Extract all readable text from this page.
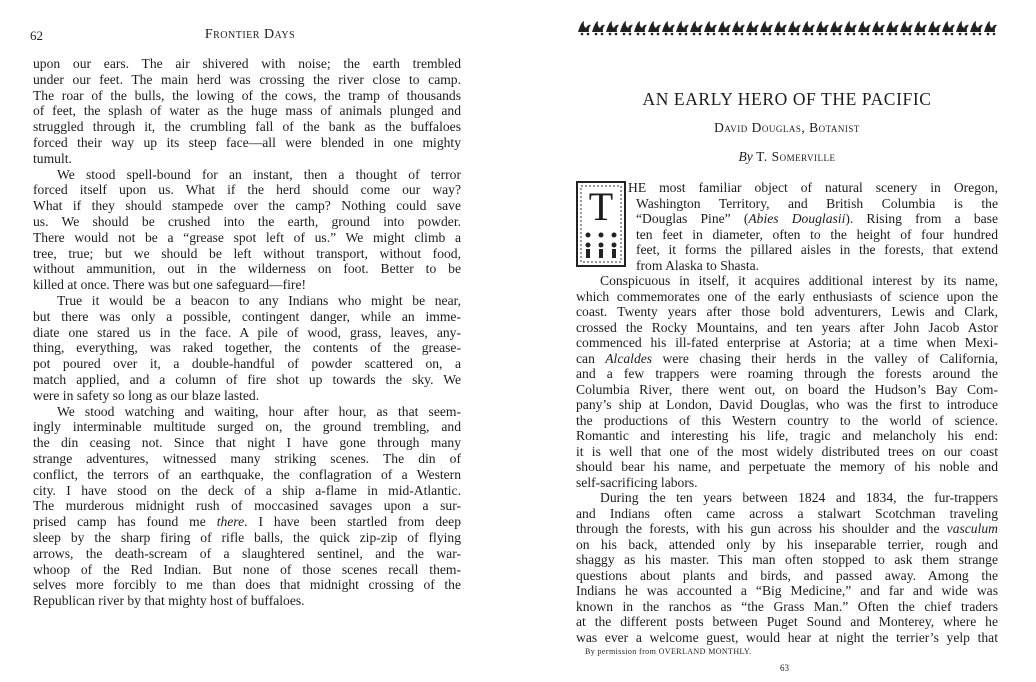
62	Frontier Days
upon our ears. The air shivered with noise; the earth trembled
under our feet. The main herd was crossing the river close to camp.
The roar of the bulls, the lowing of the cows, the tramp of thousands
of feet, the splash of water as the huge mass of animals plunged and
struggled through it, the crumbling fall of the bank as the buffaloes
forced their way up its steep face—all were blended in one mighty
tumult.
We stood spell-bound for an instant, then a thought of terror
forced itself upon us. What if the herd should come our way?
What if they should stampede over the camp? Nothing could save
us. We should be crushed into the earth, ground into powder.
There would not be a “grease spot left of us.” We might climb a
tree, true; but we should be left without transport, without food,
without ammunition, out in the wilderness on foot. Better to be
killed at once. There was but one safeguard—fire!
True it would be a beacon to any Indians who might be near,
but there was only a possible, contingent danger, while an imme-
diate one stared us in the face. A pile of wood, grass, leaves, any-
thing, everything, was raked together, the contents of the grease-
pot poured over it, a double-handful of powder scattered on, a
match applied, and a column of fire shot up towards the sky. We
were in safety so long as our blaze lasted.
We stood watching and waiting, hour after hour, as that seem-
ingly interminable multitude surged on, the ground trembling, and
the din ceasing not. Since that night I have gone through many
strange adventures, witnessed many striking scenes. The din of
conflict, the terrors of an earthquake, the conflagration of a Western
city. I have stood on the deck of a ship a-flame in mid-Atlantic.
The murderous midnight rush of moccasined savages upon a sur-
prised camp has found me there. I have been startled from deep
sleep by the sharp firing of rifle balls, the quick zip-zip of flying
arrows, the death-scream of a slaughtered sentinel, and the war-
whoop of the Red Indian. But none of those scenes recall them-
selves more forcibly to me than does that midnight crossing of the
Republican river by that mighty host of buffaloes.
AN EARLY HERO OF THE PACIFIC
David Douglas, Botanist
By T. Somerville
T	HE most familiar object of natural scenery in Oregon,
Washington Territory, and British Columbia is the
“Douglas Pine” (Abies Douglasii). Rising from a base
ten feet in diameter, often to the height of four hundred
feet, it forms the pillared aisles in the forests, that extend
from Alaska to Shasta.
Conspicuous in itself, it acquires additional interest by its name,
which commemorates one of the early enthusiasts of science upon the
coast. Twenty years after those bold adventurers, Lewis and Clark,
crossed the Rocky Mountains, and ten years after John Jacob Astor
commenced his ill-fated enterprise at Astoria; at a time when Mexi-
can Alcaldes were chasing their herds in the valley of California,
and a few trappers were roaming through the forests around the
Columbia River, there went out, on board the Hudson’s Bay Com-
pany’s ship at London, David Douglas, who was the first to introduce
the productions of this Western country to the world of science.
Romantic and interesting his life, tragic and melancholy his end:
it is well that one of the most widely distributed trees on our coast
should bear his name, and perpetuate the memory of his noble and
self-sacrificing labors.
During the ten years between 1824 and 1834, the fur-trappers
and Indians often came across a stalwart Scotchman traveling
through the forests, with his gun across his shoulder and the vasculum
on his back, attended only by his inseparable terrier, rough and
shaggy as his master. This man often stopped to ask them strange
questions about plants and birds, and passed away. Among the
Indians he was accounted a “Big Medicine,” and far and wide was
known in the ranchos as “the Grass Man.” Often the chief traders
at the different posts between Puget Sound and Monterey, where he
was ever a welcome guest, would hear at night the terrier’s yelp that
By permission from OVERLAND MONTHLY.
63
